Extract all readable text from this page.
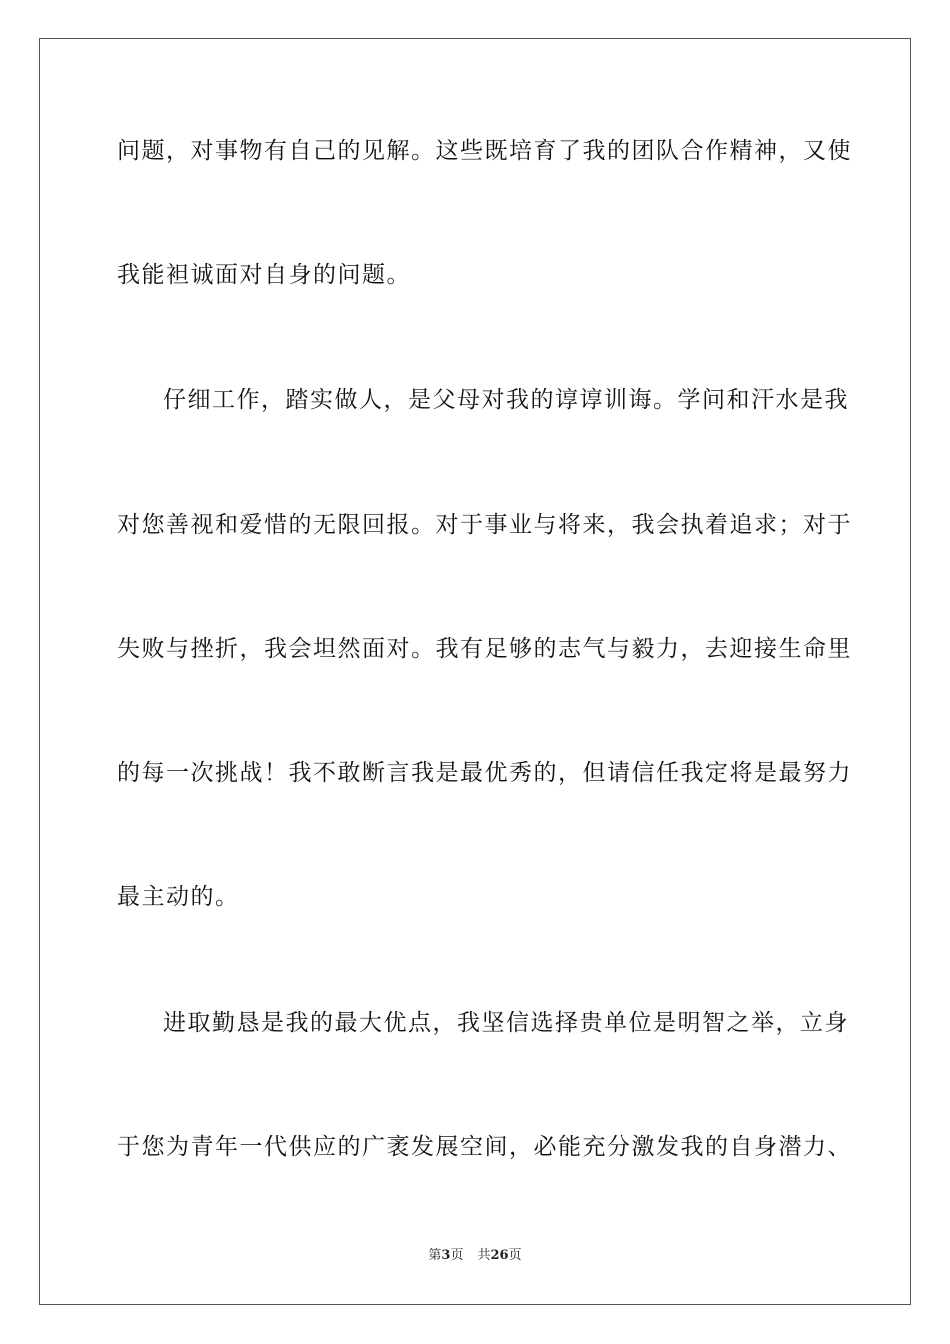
问题，对事物有自己的见解。这些既培育了我的团队合作精神，又使
我能袒诚面对自身的问题。
仔细工作，踏实做人，是父母对我的谆谆训诲。学问和汗水是我
对您善视和爱惜的无限回报。对于事业与将来，我会执着追求；对于
失败与挫折，我会坦然面对。我有足够的志气与毅力，去迎接生命里
的每一次挑战！我不敢断言我是最优秀的，但请信任我定将是最努力
最主动的。
进取勤恳是我的最大优点，我坚信选择贵单位是明智之举，立身
于您为青年一代供应的广袤发展空间，必能充分激发我的自身潜力、
第3页 共26页
